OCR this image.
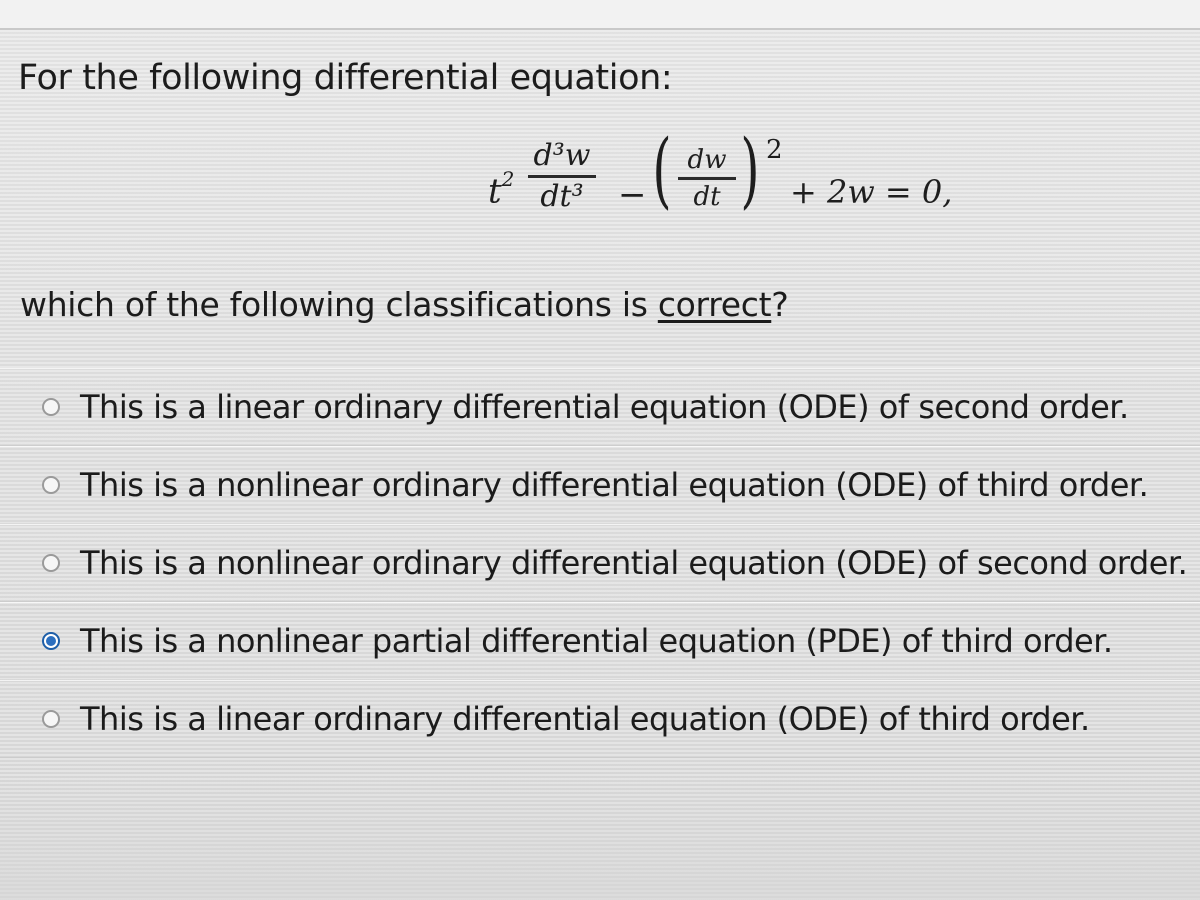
For the following differential equation:
$t^2$
d³w
dt³ − ( dw
dt ) 2
+ 2w = 0,
which of the following classifications is correct?
This is a linear ordinary differential equation (ODE) of second order.
This is a nonlinear ordinary differential equation (ODE) of third order.
This is a nonlinear ordinary differential equation (ODE) of second order.
This is a nonlinear partial differential equation (PDE) of third order.
This is a linear ordinary differential equation (ODE) of third order.
